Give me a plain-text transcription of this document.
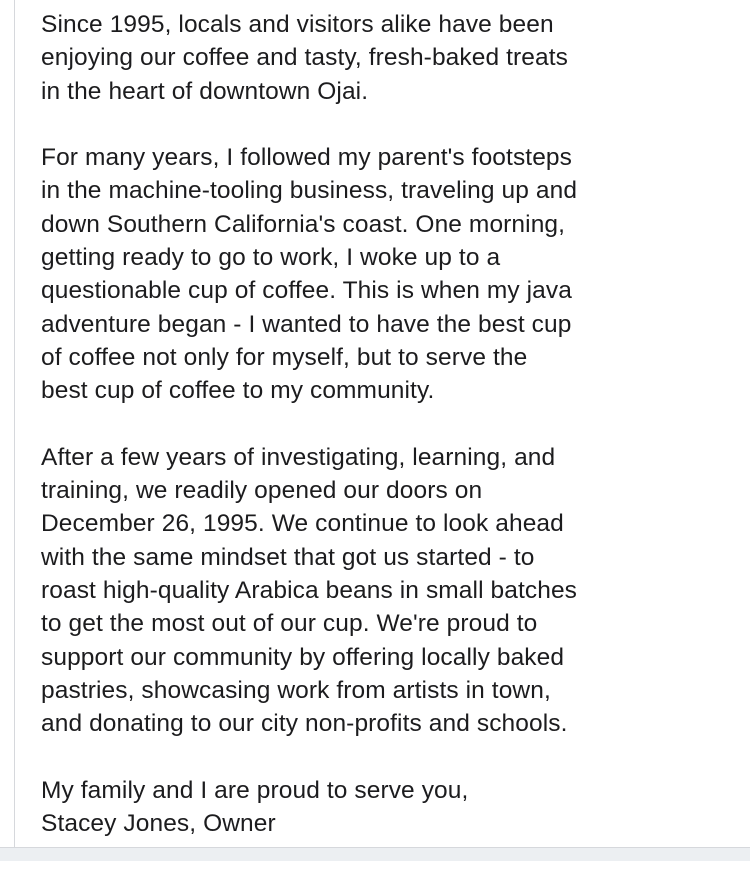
Since 1995, locals and visitors alike have been
enjoying our coffee and tasty, fresh-baked treats
in the heart of downtown Ojai.

For many years, I followed my parent's footsteps
in the machine-tooling business, traveling up and
down Southern California's coast. One morning,
getting ready to go to work, I woke up to a
questionable cup of coffee. This is when my java
adventure began - I wanted to have the best cup
of coffee not only for myself, but to serve the
best cup of coffee to my community.

After a few years of investigating, learning, and
training, we readily opened our doors on
December 26, 1995. We continue to look ahead
with the same mindset that got us started - to
roast high-quality Arabica beans in small batches
to get the most out of our cup. We're proud to
support our community by offering locally baked
pastries, showcasing work from artists in town,
and donating to our city non-profits and schools.

My family and I are proud to serve you,
Stacey Jones, Owner
